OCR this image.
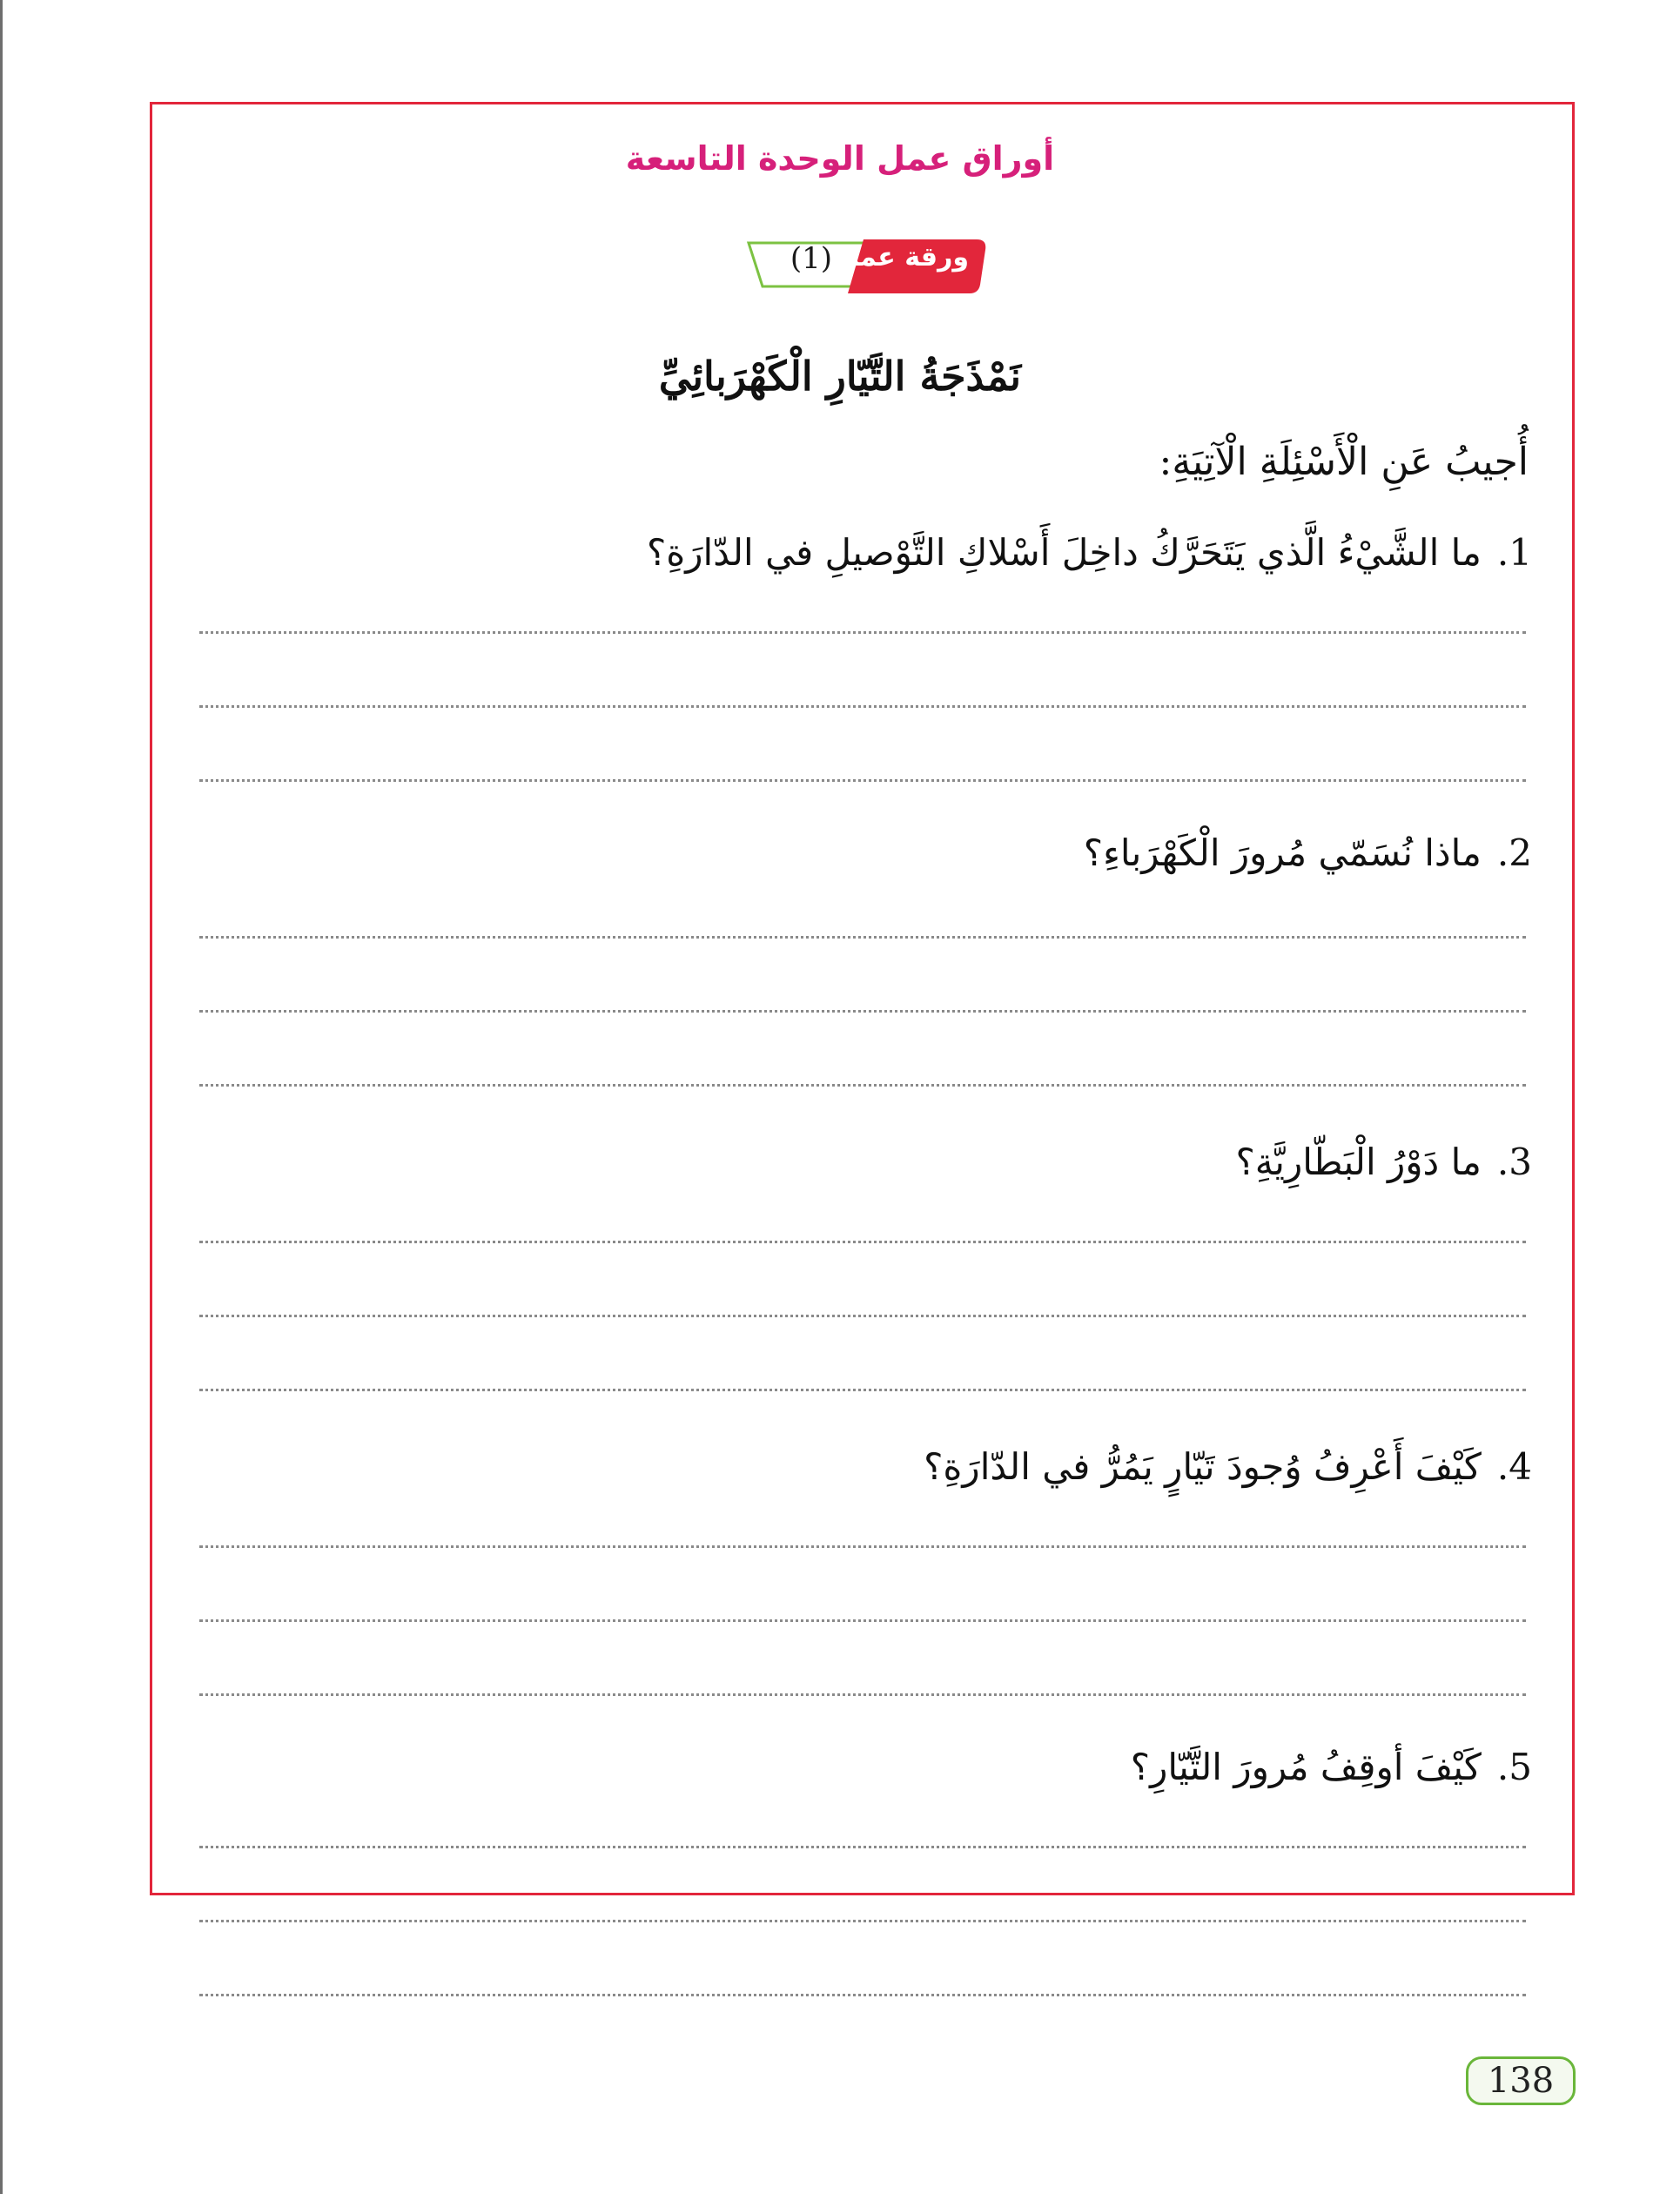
أوراق عمل الوحدة التاسعة
ورقة عمل
(1)
نَمْذَجَةُ التَّيّارِ الْكَهْرَبائِيِّ
أُجيبُ عَنِ الْأَسْئِلَةِ الْآتِيَةِ:
1.ما الشَّيْءُ الَّذي يَتَحَرَّكُ داخِلَ أَسْلاكِ التَّوْصيلِ في الدّارَةِ؟
2.ماذا نُسَمّي مُرورَ الْكَهْرَباءِ؟
3.ما دَوْرُ الْبَطّارِيَّةِ؟
4.كَيْفَ أَعْرِفُ وُجودَ تَيّارٍ يَمُرُّ في الدّارَةِ؟
5.كَيْفَ أوقِفُ مُرورَ التَّيّارِ؟
138
